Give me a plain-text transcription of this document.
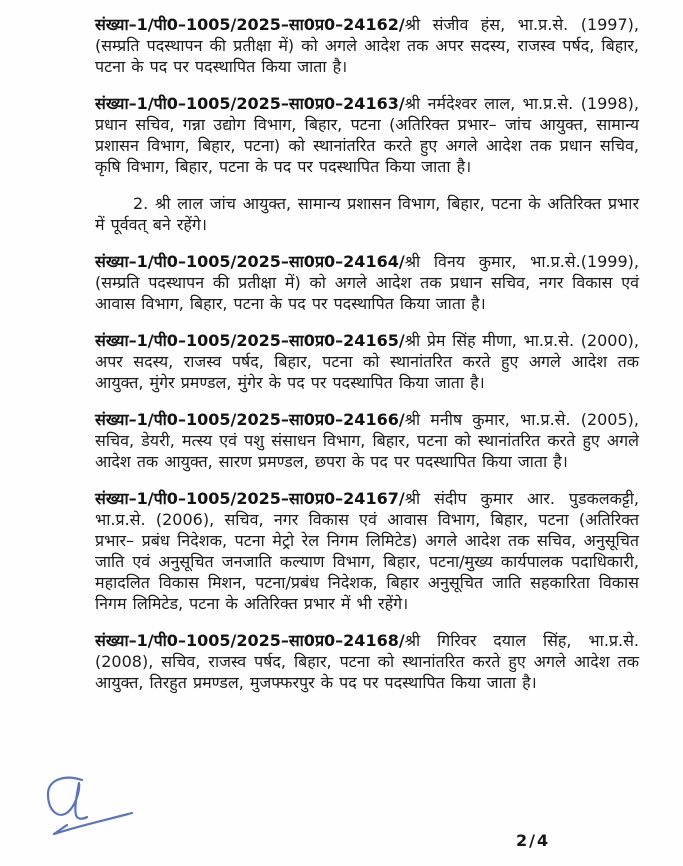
संख्या–1/पी0–1005/2025–सा0प्र0–24162/श्री संजीव हंस, भा.प्र.से. (1997), (सम्प्रति पदस्थापन की प्रतीक्षा में) को अगले आदेश तक अपर सदस्य, राजस्व पर्षद, बिहार, पटना के पद पर पदस्थापित किया जाता है।

संख्या–1/पी0–1005/2025–सा0प्र0–24163/श्री नर्मदेश्वर लाल, भा.प्र.से. (1998), प्रधान सचिव, गन्ना उद्योग विभाग, बिहार, पटना (अतिरिक्त प्रभार– जांच आयुक्त, सामान्य प्रशासन विभाग, बिहार, पटना) को स्थानांतरित करते हुए अगले आदेश तक प्रधान सचिव, कृषि विभाग, बिहार, पटना के पद पर पदस्थापित किया जाता है।

2. श्री लाल जांच आयुक्त, सामान्य प्रशासन विभाग, बिहार, पटना के अतिरिक्त प्रभार में पूर्ववत् बने रहेंगे।

संख्या–1/पी0–1005/2025–सा0प्र0–24164/श्री विनय कुमार, भा.प्र.से.(1999), (सम्प्रति पदस्थापन की प्रतीक्षा में) को अगले आदेश तक प्रधान सचिव, नगर विकास एवं आवास विभाग, बिहार, पटना के पद पर पदस्थापित किया जाता है।

संख्या–1/पी0–1005/2025–सा0प्र0–24165/श्री प्रेम सिंह मीणा, भा.प्र.से. (2000), अपर सदस्य, राजस्व पर्षद, बिहार, पटना को स्थानांतरित करते हुए अगले आदेश तक आयुक्त, मुंगेर प्रमण्डल, मुंगेर के पद पर पदस्थापित किया जाता है।

संख्या–1/पी0–1005/2025–सा0प्र0–24166/श्री मनीष कुमार, भा.प्र.से. (2005), सचिव, डेयरी, मत्स्य एवं पशु संसाधन विभाग, बिहार, पटना को स्थानांतरित करते हुए अगले आदेश तक आयुक्त, सारण प्रमण्डल, छपरा के पद पर पदस्थापित किया जाता है।

संख्या–1/पी0–1005/2025–सा0प्र0–24167/श्री संदीप कुमार आर. पुडकलकट्टी, भा.प्र.से. (2006), सचिव, नगर विकास एवं आवास विभाग, बिहार, पटना (अतिरिक्त प्रभार– प्रबंध निदेशक, पटना मेट्रो रेल निगम लिमिटेड) अगले आदेश तक सचिव, अनुसूचित जाति एवं अनुसूचित जनजाति कल्याण विभाग, बिहार, पटना/मुख्य कार्यपालक पदाधिकारी, महादलित विकास मिशन, पटना/प्रबंध निदेशक, बिहार अनुसूचित जाति सहकारिता विकास निगम लिमिटेड, पटना के अतिरिक्त प्रभार में भी रहेंगे।

संख्या–1/पी0–1005/2025–सा0प्र0–24168/श्री गिरिवर दयाल सिंह, भा.प्र.से. (2008), सचिव, राजस्व पर्षद, बिहार, पटना को स्थानांतरित करते हुए अगले आदेश तक आयुक्त, तिरहुत प्रमण्डल, मुजफ्फरपुर के पद पर पदस्थापित किया जाता है।

2/4
